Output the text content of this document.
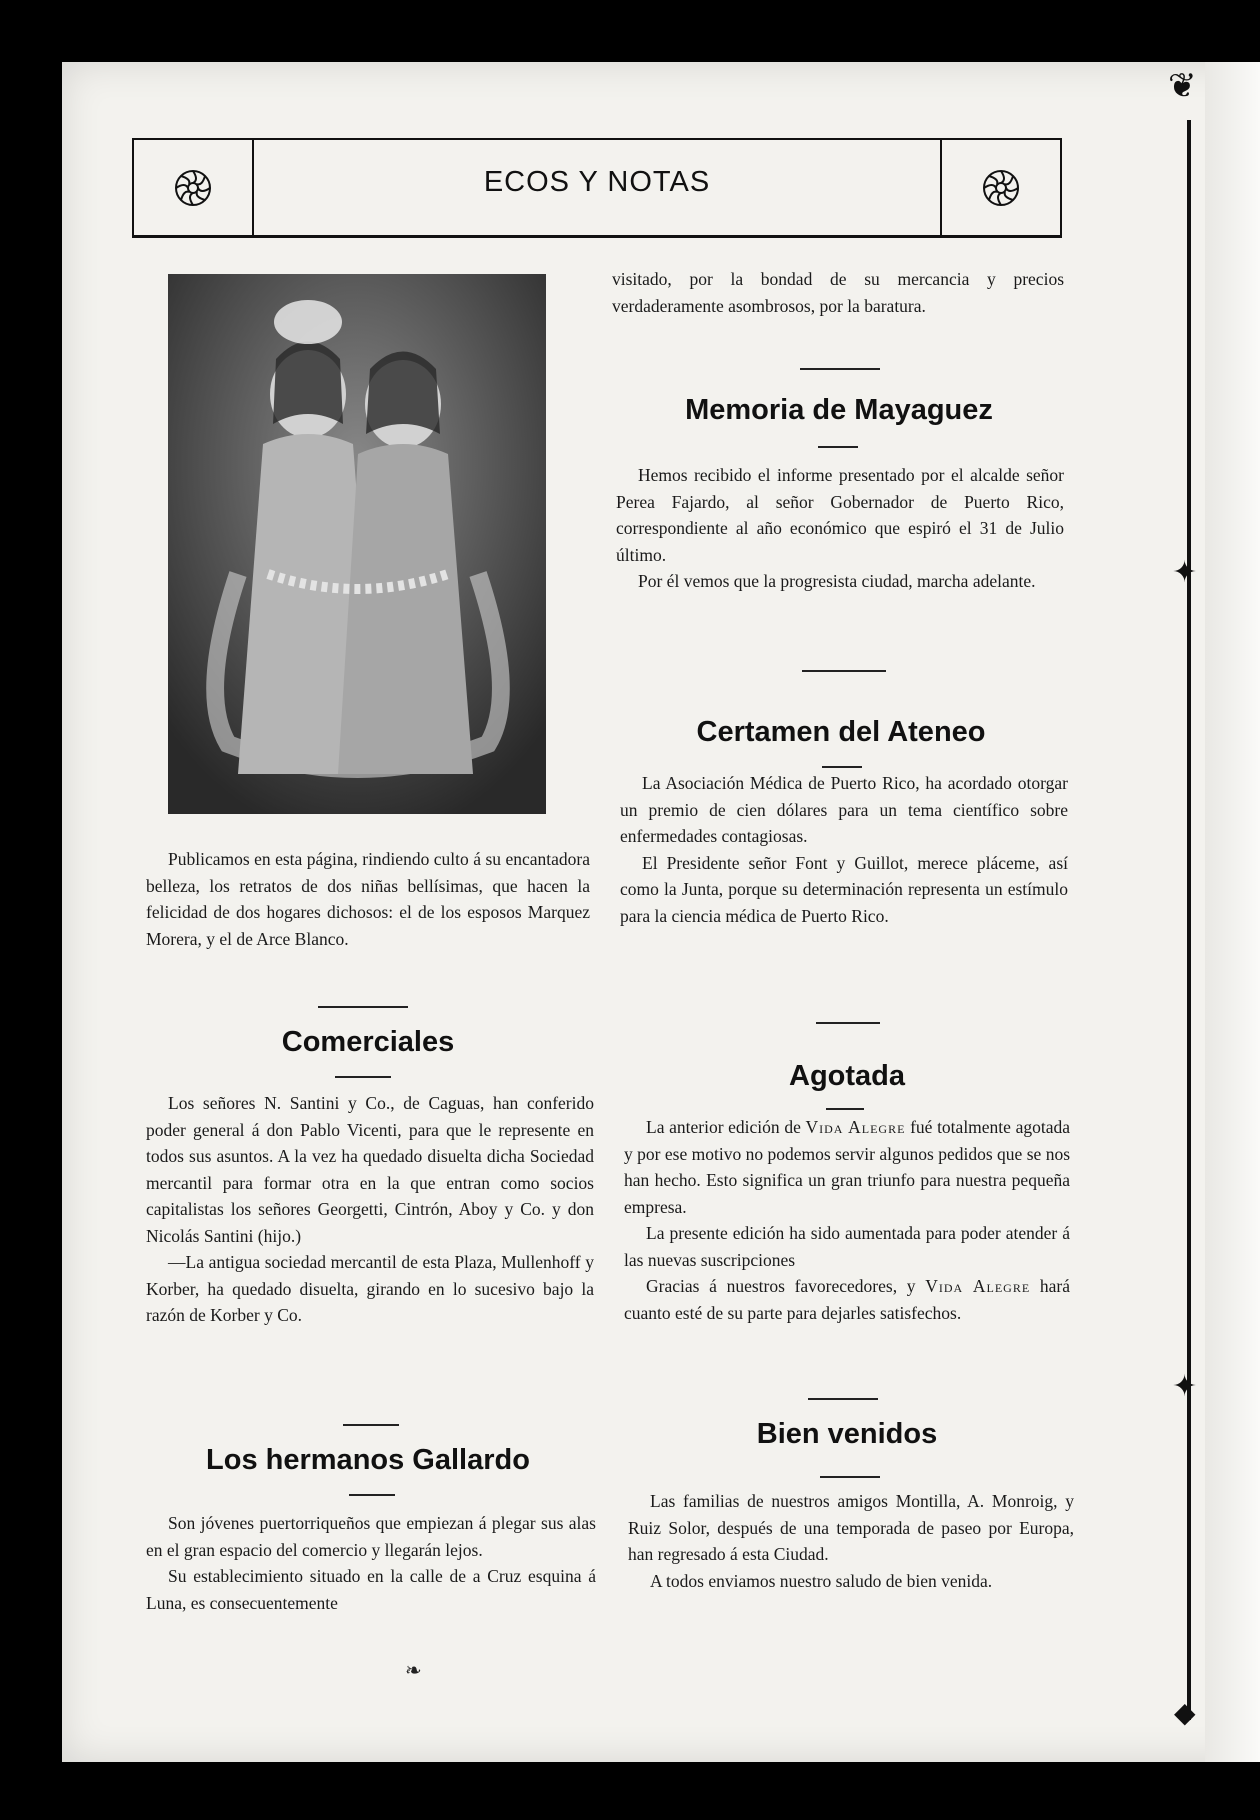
❦
✦
✦
◆
ECOS Y NOTAS

Publicamos en esta página, rindiendo culto á su encantadora belleza, los retratos de dos niñas bellísimas, que hacen la felicidad de dos hogares dichosos: el de los esposos Marquez Morera, y el de Arce Blanco.

Comerciales

Los señores N. Santini y Co., de Caguas, han conferido poder general á don Pablo Vicenti, para que le represente en todos sus asuntos. A la vez ha quedado disuelta dicha Sociedad mercantil para formar otra en la que entran como socios capitalistas los señores Georgetti, Cintrón, Aboy y Co. y don Nicolás Santini (hijo.)

—La antigua sociedad mercantil de esta Plaza, Mullenhoff y Korber, ha quedado disuelta, girando en lo sucesivo bajo la razón de Korber y Co.

Los hermanos Gallardo

Son jóvenes puertorriqueños que empiezan á plegar sus alas en el gran espacio del comercio y llegarán lejos.

Su establecimiento situado en la calle de a Cruz esquina á Luna, es consecuentemente

❧

visitado, por la bondad de su mercancia y precios verdaderamente asombrosos, por la baratura.

Memoria de Mayaguez

Hemos recibido el informe presentado por el alcalde señor Perea Fajardo, al señor Gobernador de Puerto Rico, correspondiente al año económico que espiró el 31 de Julio último.

Por él vemos que la progresista ciudad, marcha adelante.

Certamen del Ateneo

La Asociación Médica de Puerto Rico, ha acordado otorgar un premio de cien dólares para un tema científico sobre enfermedades contagiosas.

El Presidente señor Font y Guillot, merece pláceme, así como la Junta, porque su determinación representa un estímulo para la ciencia médica de Puerto Rico.

Agotada

La anterior edición de Vida Alegre fué totalmente agotada y por ese motivo no podemos servir algunos pedidos que se nos han hecho. Esto significa un gran triunfo para nuestra pequeña empresa.

La presente edición ha sido aumentada para poder atender á las nuevas suscripciones

Gracias á nuestros favorecedores, y Vida Alegre hará cuanto esté de su parte para dejarles satisfechos.

Bien venidos

Las familias de nuestros amigos Montilla, A. Monroig, y Ruiz Solor, después de una temporada de paseo por Europa, han regresado á esta Ciudad.

A todos enviamos nuestro saludo de bien venida.
